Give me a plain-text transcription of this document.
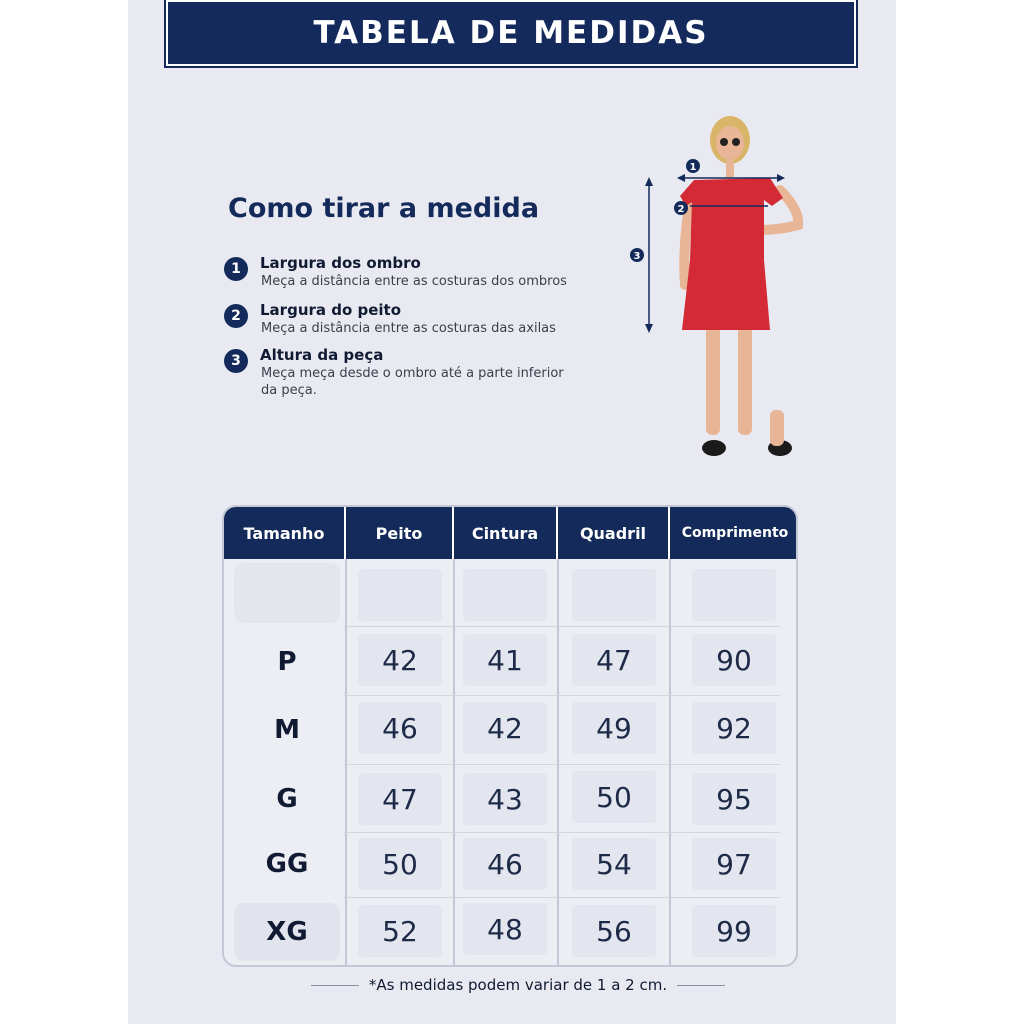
TABELA DE MEDIDAS
Como tirar a medida
1	Largura dos ombro
Meça a distância entre as costuras dos ombros
2	Largura do peito
Meça a distância entre as costuras das axilas
3	Altura da peça
Meça meça desde o ombro até a parte inferior da peça.
1
2
3
Tamanho	Peito	Cintura	Quadril	Comprimento
P	42	41	47	90
M	46	42	49	92
G	47	43	50	95
GG	50	46	54	97
XG	52	48	56	99
*As medidas podem variar de 1 a 2 cm.
